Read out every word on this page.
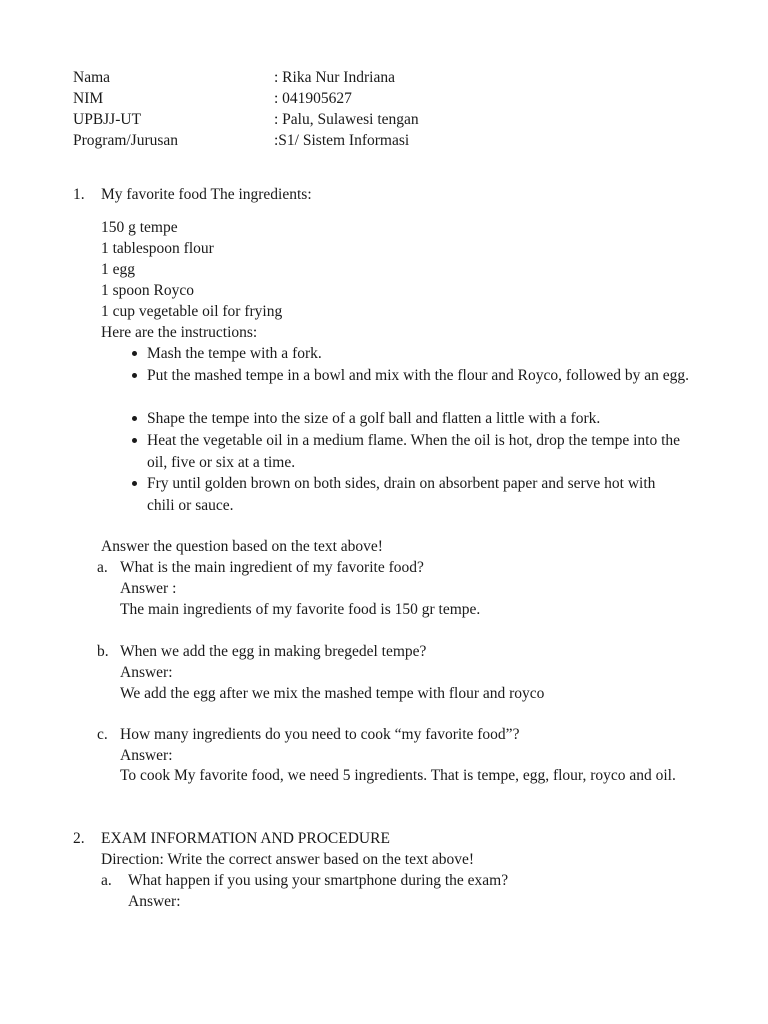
Nama	: Rika Nur Indriana
NIM	: 041905627
UPBJJ-UT	: Palu, Sulawesi tengan
Program/Jurusan	:S1/ Sistem Informasi
1. My favorite food The ingredients:
150 g tempe
1 tablespoon flour
1 egg
1 spoon Royco
1 cup vegetable oil for frying
Here are the instructions:
Mash the tempe with a fork.
Put the mashed tempe in a bowl and mix with the flour and Royco, followed by an egg.
Shape the tempe into the size of a golf ball and flatten a little with a fork.
Heat the vegetable oil in a medium flame. When the oil is hot, drop the tempe into the oil, five or six at a time.
Fry until golden brown on both sides, drain on absorbent paper and serve hot with chili or sauce.
Answer the question based on the text above!
a. What is the main ingredient of my favorite food?
Answer :
The main ingredients of my favorite food is 150 gr tempe.
b. When we add the egg in making bregedel tempe?
Answer:
We add the egg after we mix the mashed tempe with flour and royco
c. How many ingredients do you need to cook “my favorite food”?
Answer:
To cook My favorite food, we need 5 ingredients. That is tempe, egg, flour, royco and oil.
2. EXAM INFORMATION AND PROCEDURE
Direction: Write the correct answer based on the text above!
a. What happen if you using your smartphone during the exam?
Answer:
